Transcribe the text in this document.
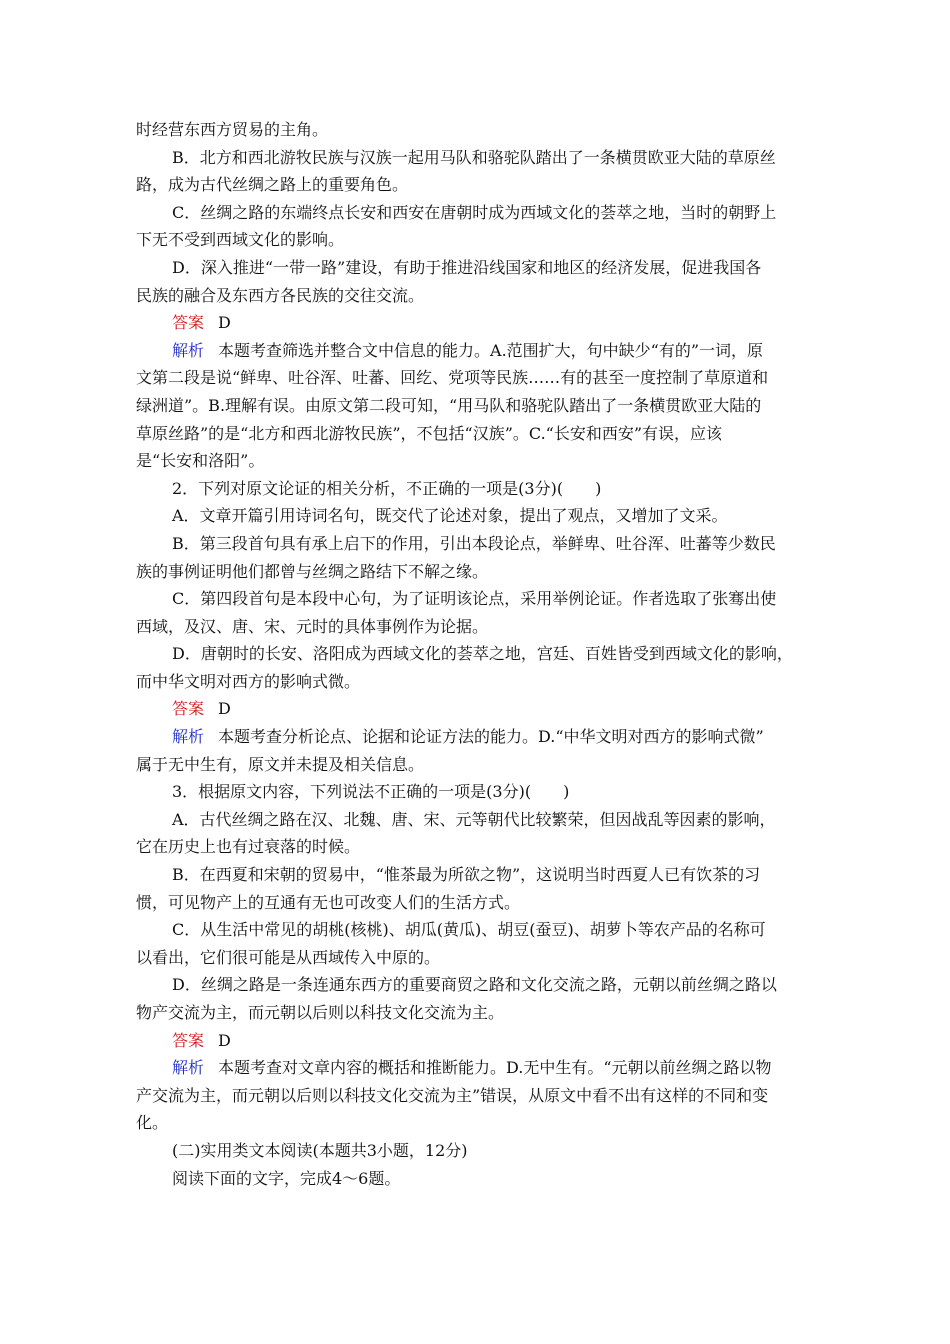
时经营东西方贸易的主角。
B．北方和西北游牧民族与汉族一起用马队和骆驼队踏出了一条横贯欧亚大陆的草原丝
路，成为古代丝绸之路上的重要角色。
C．丝绸之路的东端终点长安和西安在唐朝时成为西域文化的荟萃之地，当时的朝野上
下无不受到西域文化的影响。
D．深入推进“一带一路”建设，有助于推进沿线国家和地区的经济发展，促进我国各
民族的融合及东西方各民族的交往交流。
答案 D
解析 本题考查筛选并整合文中信息的能力。A.范围扩大，句中缺少“有的”一词，原
文第二段是说“鲜卑、吐谷浑、吐蕃、回纥、党项等民族……有的甚至一度控制了草原道和
绿洲道”。B.理解有误。由原文第二段可知，“用马队和骆驼队踏出了一条横贯欧亚大陆的
草原丝路”的是“北方和西北游牧民族”，不包括“汉族”。C.“长安和西安”有误，应该
是“长安和洛阳”。
2．下列对原文论证的相关分析，不正确的一项是(3分)(　　)
A．文章开篇引用诗词名句，既交代了论述对象，提出了观点，又增加了文采。
B．第三段首句具有承上启下的作用，引出本段论点，举鲜卑、吐谷浑、吐蕃等少数民
族的事例证明他们都曾与丝绸之路结下不解之缘。
C．第四段首句是本段中心句，为了证明该论点，采用举例论证。作者选取了张骞出使
西域，及汉、唐、宋、元时的具体事例作为论据。
D．唐朝时的长安、洛阳成为西域文化的荟萃之地，宫廷、百姓皆受到西域文化的影响，
而中华文明对西方的影响式微。
答案 D
解析 本题考查分析论点、论据和论证方法的能力。D.“中华文明对西方的影响式微”
属于无中生有，原文并未提及相关信息。
3．根据原文内容，下列说法不正确的一项是(3分)(　　)
A．古代丝绸之路在汉、北魏、唐、宋、元等朝代比较繁荣，但因战乱等因素的影响，
它在历史上也有过衰落的时候。
B．在西夏和宋朝的贸易中，“惟茶最为所欲之物”，这说明当时西夏人已有饮茶的习
惯，可见物产上的互通有无也可改变人们的生活方式。
C．从生活中常见的胡桃(核桃)、胡瓜(黄瓜)、胡豆(蚕豆)、胡萝卜等农产品的名称可
以看出，它们很可能是从西域传入中原的。
D．丝绸之路是一条连通东西方的重要商贸之路和文化交流之路，元朝以前丝绸之路以
物产交流为主，而元朝以后则以科技文化交流为主。
答案 D
解析 本题考查对文章内容的概括和推断能力。D.无中生有。“元朝以前丝绸之路以物
产交流为主，而元朝以后则以科技文化交流为主”错误，从原文中看不出有这样的不同和变
化。
(二)实用类文本阅读(本题共3小题，12分)
阅读下面的文字，完成4～6题。
